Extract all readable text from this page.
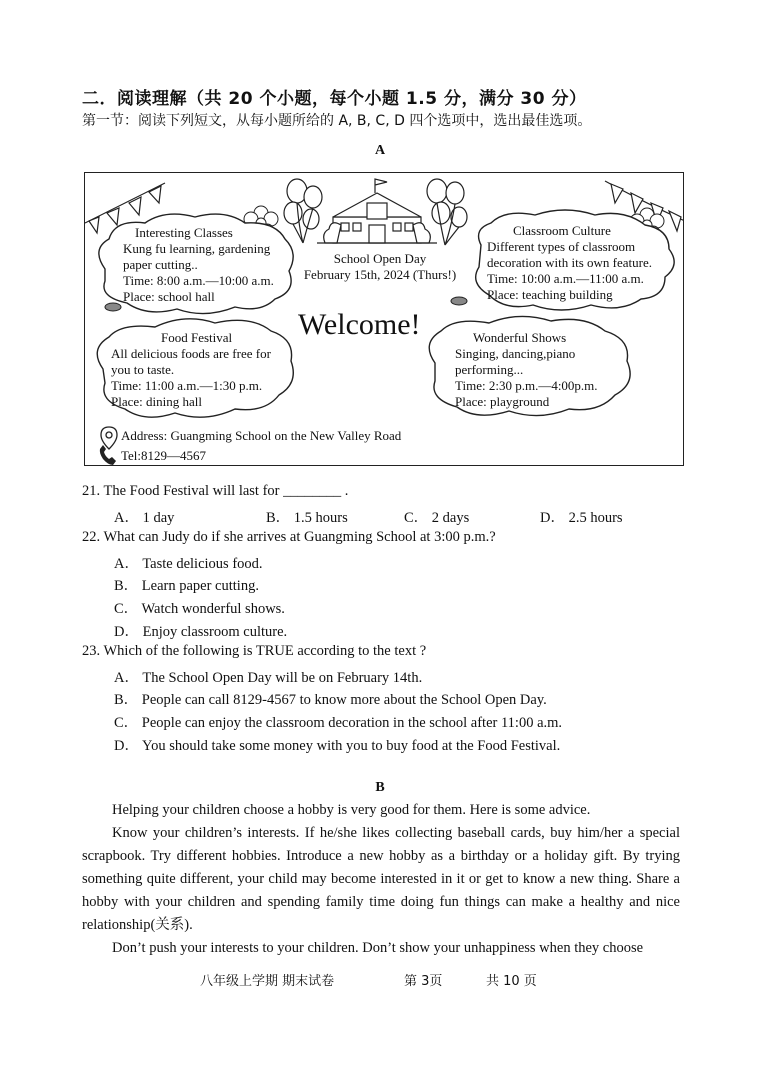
二．阅读理解（共 20 个小题，每个小题 1.5 分，满分 30 分）
第一节：阅读下列短文，从每小题所给的 A, B, C, D 四个选项中，选出最佳选项。
A
School Open Day
February 15th, 2024 (Thurs!)
Welcome!
Interesting Classes
Kung fu learning, gardening
paper cutting..
Time: 8:00 a.m.—10:00 a.m.
Place: school hall
Classroom Culture
Different types of classroom
decoration with its own feature.
Time: 10:00 a.m.—11:00 a.m.
Place: teaching building
Food Festival
All delicious foods are free for
you to taste.
Time: 11:00 a.m.—1:30 p.m.
Place: dining hall
Wonderful Shows
Singing, dancing,piano
performing...
Time: 2:30 p.m.—4:00p.m.
Place: playground
Address: Guangming School on the New Valley Road
Tel:8129—4567
21. The Food Festival will last for ________ .
A． 1 day	B． 1.5 hours	C． 2 days	D． 2.5 hours
22. What can Judy do if she arrives at Guangming School at 3:00 p.m.?
A． Taste delicious food.
B． Learn paper cutting.
C． Watch wonderful shows.
D． Enjoy classroom culture.
23. Which of the following is TRUE according to the text ?
A． The School Open Day will be on February 14th.
B． People can call 8129-4567 to know more about the School Open Day.
C． People can enjoy the classroom decoration in the school after 11:00 a.m.
D． You should take some money with you to buy food at the Food Festival.
B

Helping your children choose a hobby is very good for them. Here is some advice.

Know your children’s interests. If he/she likes collecting baseball cards, buy him/her a special scrapbook. Try different hobbies. Introduce a new hobby as a birthday or a holiday gift. By trying something quite different, your child may become interested in it or get to know a new thing. Share a hobby with your children and spending family time doing fun things can make a healthy and nice relationship(关系).

Don’t push your interests to your children. Don’t show your unhappiness when they choose

八年级上学期 期末试卷	第 3页	共 10 页
